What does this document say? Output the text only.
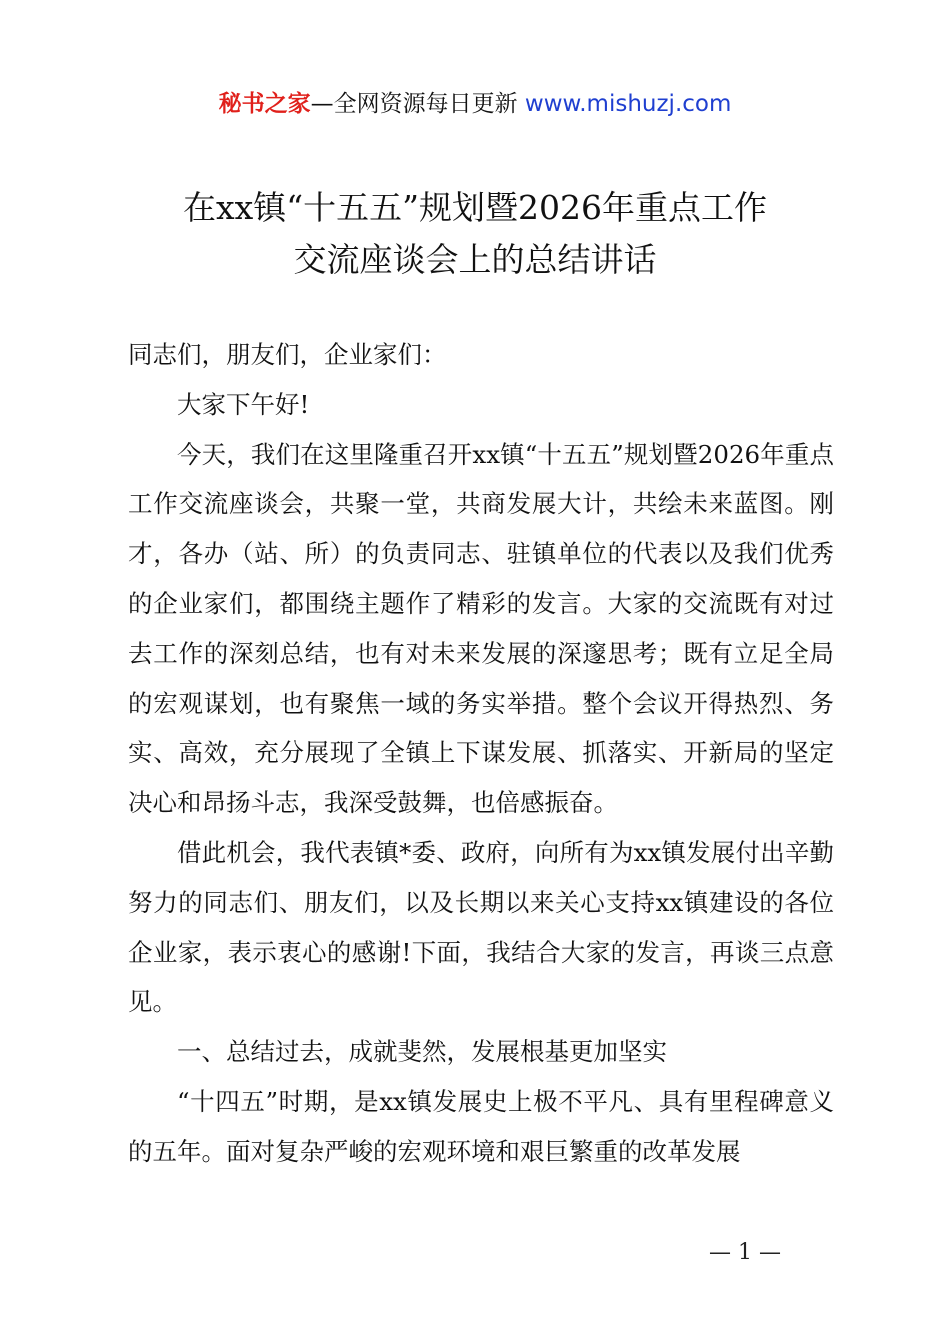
秘书之家—全网资源每日更新 www.mishuzj.com
在xx镇“十五五”规划暨2026年重点工作
交流座谈会上的总结讲话

同志们，朋友们，企业家们：

大家下午好!

今天，我们在这里隆重召开xx镇“十五五”规划暨2026年重点工作交流座谈会，共聚一堂，共商发展大计，共绘未来蓝图。刚才，各办（站、所）的负责同志、驻镇单位的代表以及我们优秀的企业家们，都围绕主题作了精彩的发言。大家的交流既有对过去工作的深刻总结，也有对未来发展的深邃思考；既有立足全局的宏观谋划，也有聚焦一域的务实举措。整个会议开得热烈、务实、高效，充分展现了全镇上下谋发展、抓落实、开新局的坚定决心和昂扬斗志，我深受鼓舞，也倍感振奋。

借此机会，我代表镇*委、政府，向所有为xx镇发展付出辛勤努力的同志们、朋友们，以及长期以来关心支持xx镇建设的各位企业家，表示衷心的感谢!下面，我结合大家的发言，再谈三点意见。

一、总结过去，成就斐然，发展根基更加坚实

“十四五”时期，是xx镇发展史上极不平凡、具有里程碑意义的五年。面对复杂严峻的宏观环境和艰巨繁重的改革发展

— 1 —
